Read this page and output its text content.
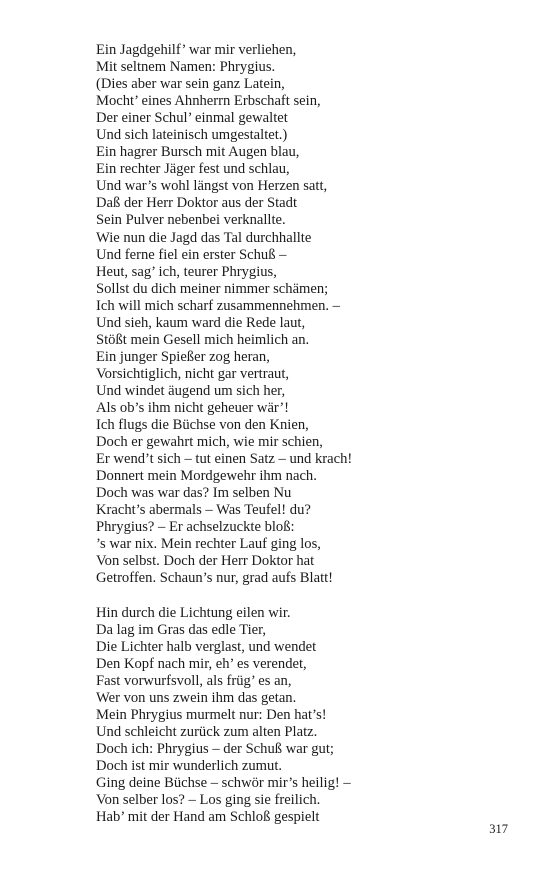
Ein Jagdgehilf’ war mir verliehen,
Mit seltnem Namen: Phrygius.
(Dies aber war sein ganz Latein,
Mocht’ eines Ahnherrn Erbschaft sein,
Der einer Schul’ einmal gewaltet
Und sich lateinisch umgestaltet.)
Ein hagrer Bursch mit Augen blau,
Ein rechter Jäger fest und schlau,
Und war’s wohl längst von Herzen satt,
Daß der Herr Doktor aus der Stadt
Sein Pulver nebenbei verknallte.
Wie nun die Jagd das Tal durchhallte
Und ferne fiel ein erster Schuß –
Heut, sag’ ich, teurer Phrygius,
Sollst du dich meiner nimmer schämen;
Ich will mich scharf zusammennehmen. –
Und sieh, kaum ward die Rede laut,
Stößt mein Gesell mich heimlich an.
Ein junger Spießer zog heran,
Vorsichtiglich, nicht gar vertraut,
Und windet äugend um sich her,
Als ob’s ihm nicht geheuer wär’!
Ich flugs die Büchse von den Knien,
Doch er gewahrt mich, wie mir schien,
Er wend’t sich – tut einen Satz – und krach!
Donnert mein Mordgewehr ihm nach.
Doch was war das? Im selben Nu
Kracht’s abermals – Was Teufel! du?
Phrygius? – Er achselzuckte bloß:
’s war nix. Mein rechter Lauf ging los,
Von selbst. Doch der Herr Doktor hat
Getroffen. Schaun’s nur, grad aufs Blatt!
Hin durch die Lichtung eilen wir.
Da lag im Gras das edle Tier,
Die Lichter halb verglast, und wendet
Den Kopf nach mir, eh’ es verendet,
Fast vorwurfsvoll, als früg’ es an,
Wer von uns zwein ihm das getan.
Mein Phrygius murmelt nur: Den hat’s!
Und schleicht zurück zum alten Platz.
Doch ich: Phrygius – der Schuß war gut;
Doch ist mir wunderlich zumut.
Ging deine Büchse – schwör mir’s heilig! –
Von selber los? – Los ging sie freilich.
Hab’ mit der Hand am Schloß gespielt
317
